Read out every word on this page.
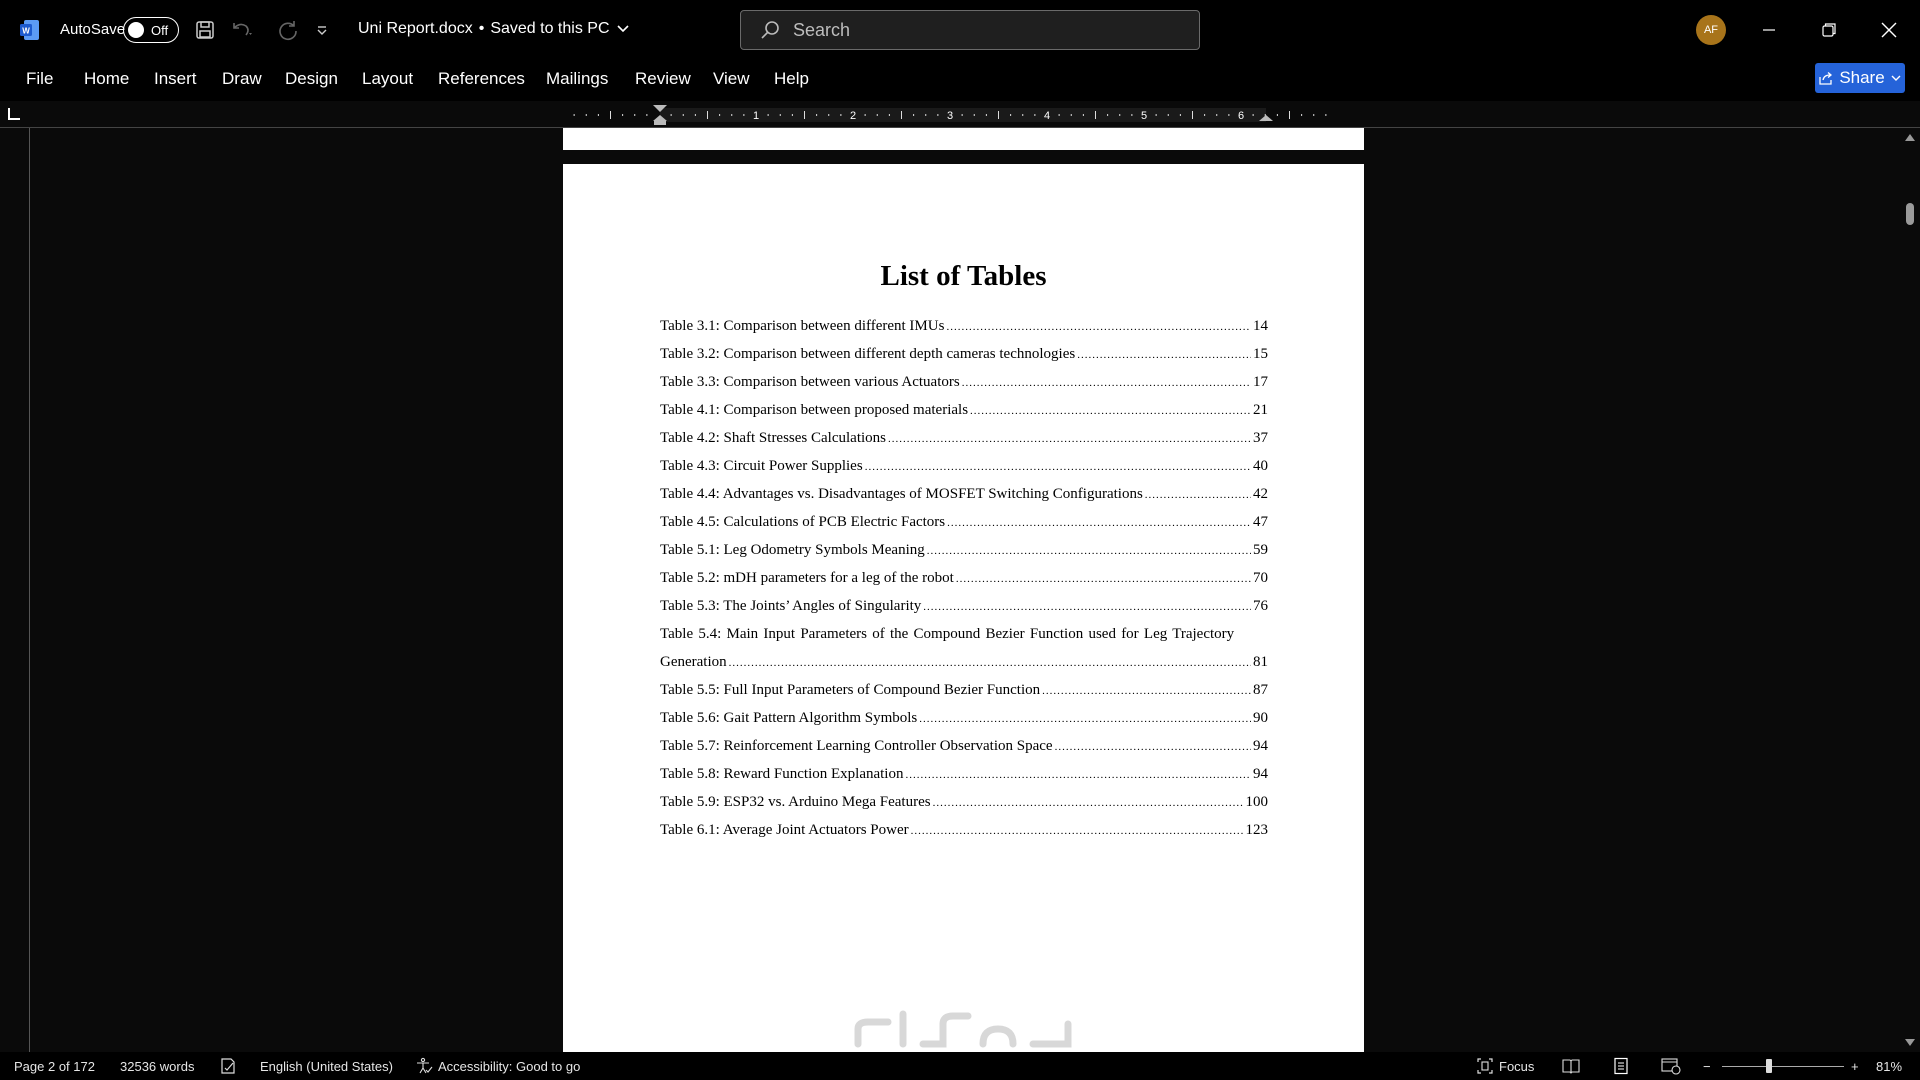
W AutoSave Off	Uni Report.docx • Saved to this PC	Search	AF
File Home Insert Draw Design Layout References Mailings Review View Help	Share
1	2	3	4	5	6
List of Tables
Table 3.1: Comparison between different IMUs .....	14
Table 3.2: Comparison between different depth cameras technologies .....	15
Table 3.3: Comparison between various Actuators .....	17
Table 4.1: Comparison between proposed materials .....	21
Table 4.2: Shaft Stresses Calculations .....	37
Table 4.3: Circuit Power Supplies .....	40
Table 4.4: Advantages vs. Disadvantages of MOSFET Switching Configurations .....	42
Table 4.5: Calculations of PCB Electric Factors .....	47
Table 5.1: Leg Odometry Symbols Meaning .....	59
Table 5.2: mDH parameters for a leg of the robot .....	70
Table 5.3: The Joints’ Angles of Singularity .....	76
Table 5.4: Main Input Parameters of the Compound Bezier Function used for Leg Trajectory
Generation .....	81
Table 5.5: Full Input Parameters of Compound Bezier Function .....	87
Table 5.6: Gait Pattern Algorithm Symbols .....	90
Table 5.7: Reinforcement Learning Controller Observation Space .....	94
Table 5.8: Reward Function Explanation .....	94
Table 5.9: ESP32 vs. Arduino Mega Features .....	100
Table 6.1: Average Joint Actuators Power .....	123
Page 2 of 172 32536 words	English (United States)	Accessibility: Good to go	Focus	−	+ 81%
